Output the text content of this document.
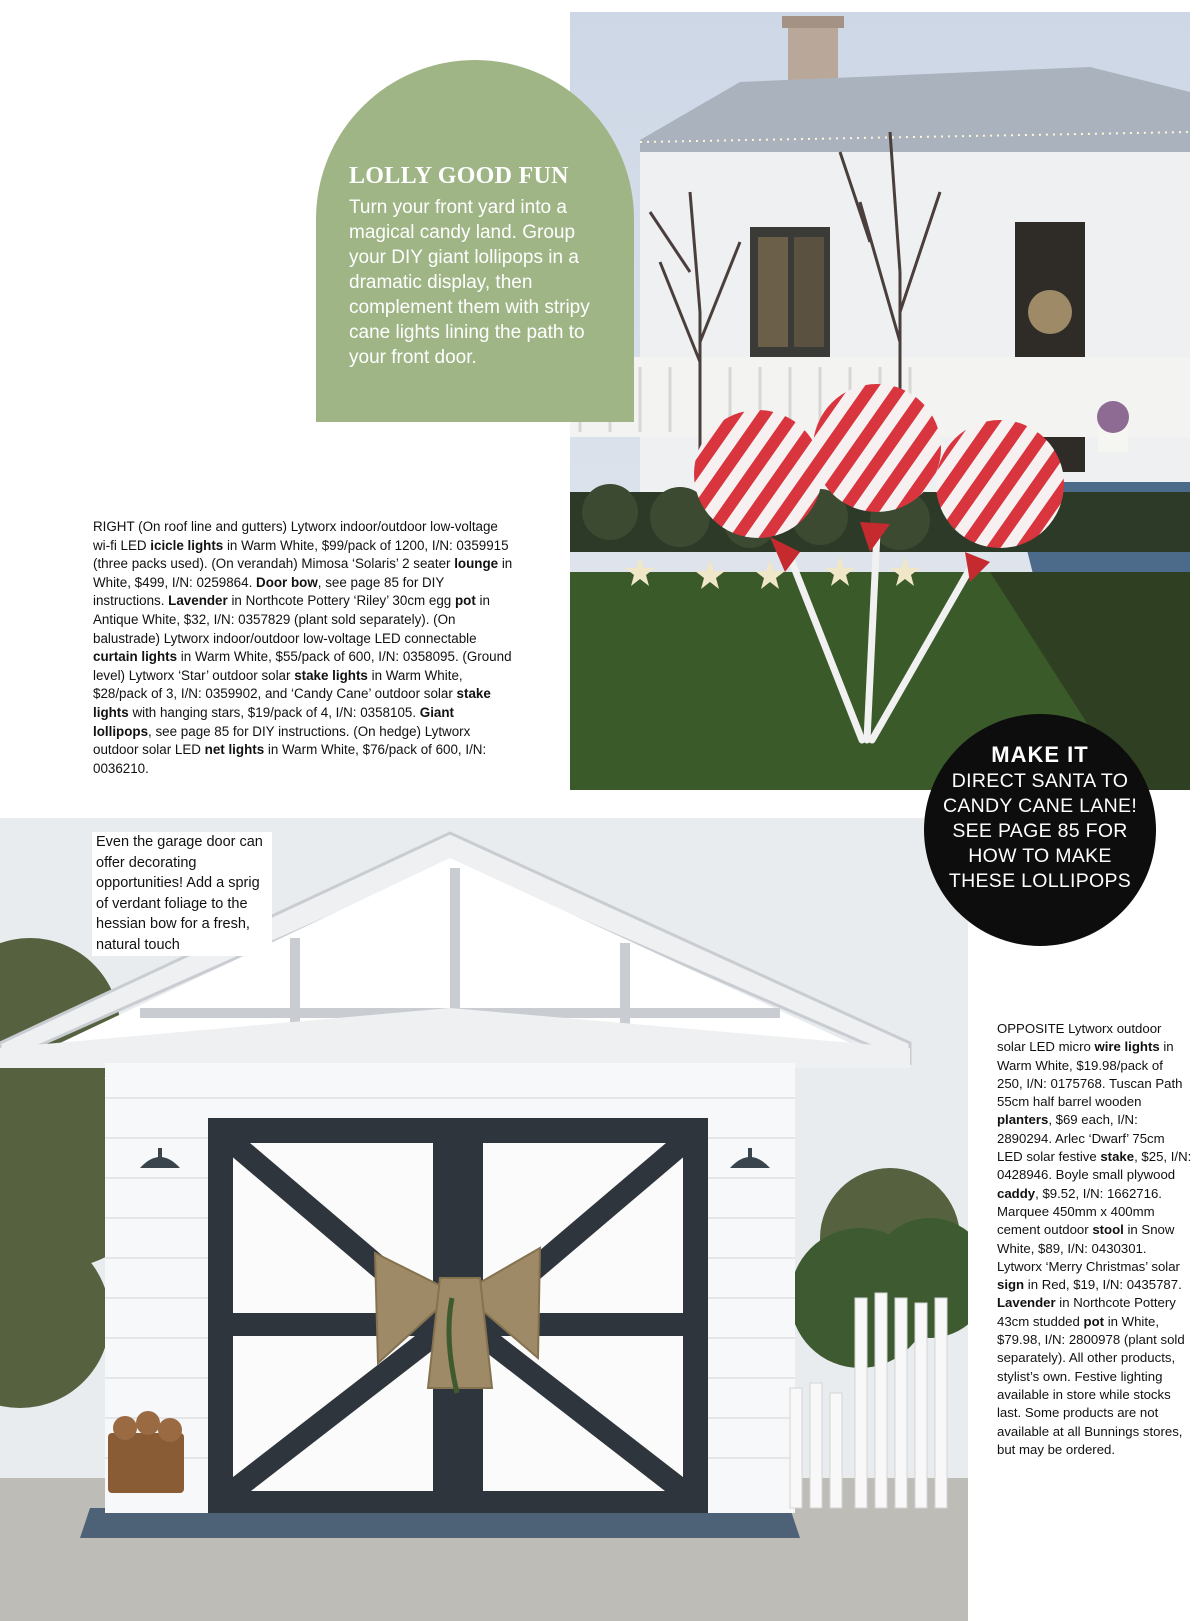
LOLLY GOOD FUN
Turn your front yard into a magical candy land. Group your DIY giant lollipops in a dramatic display, then complement them with stripy cane lights lining the path to your front door.
RIGHT (On roof line and gutters) Lytworx indoor/outdoor low-voltage wi-fi LED icicle lights in Warm White, $99/pack of 1200, I/N: 0359915 (three packs used). (On verandah) Mimosa ‘Solaris’ 2 seater lounge in White, $499, I/N: 0259864. Door bow, see page 85 for DIY instructions. Lavender in Northcote Pottery ‘Riley’ 30cm egg pot in Antique White, $32, I/N: 0357829 (plant sold separately). (On balustrade) Lytworx indoor/outdoor low-voltage LED connectable curtain lights in Warm White, $55/pack of 600, I/N: 0358095. (Ground level) Lytworx ‘Star’ outdoor solar stake lights in Warm White, $28/pack of 3, I/N: 0359902, and ‘Candy Cane’ outdoor solar stake lights with hanging stars, $19/pack of 4, I/N: 0358105. Giant lollipops, see page 85 for DIY instructions. (On hedge) Lytworx outdoor solar LED net lights in Warm White, $76/pack of 600, I/N: 0036210.
Even the garage door can offer decorating opportunities! Add a sprig of verdant foliage to the hessian bow for a fresh, natural touch
MAKE IT
DIRECT SANTA TO CANDY CANE LANE! SEE PAGE 85 FOR HOW TO MAKE THESE LOLLIPOPS
OPPOSITE Lytworx outdoor solar LED micro wire lights in Warm White, $19.98/pack of 250, I/N: 0175768. Tuscan Path 55cm half barrel wooden planters, $69 each, I/N: 2890294. Arlec ‘Dwarf’ 75cm LED solar festive stake, $25, I/N: 0428946. Boyle small plywood caddy, $9.52, I/N: 1662716. Marquee 450mm x 400mm cement outdoor stool in Snow White, $89, I/N: 0430301. Lytworx ‘Merry Christmas’ solar sign in Red, $19, I/N: 0435787. Lavender in Northcote Pottery 43cm studded pot in White, $79.98, I/N: 2800978 (plant sold separately). All other products, stylist’s own. Festive lighting available in store while stocks last. Some products are not available at all Bunnings stores, but may be ordered.
